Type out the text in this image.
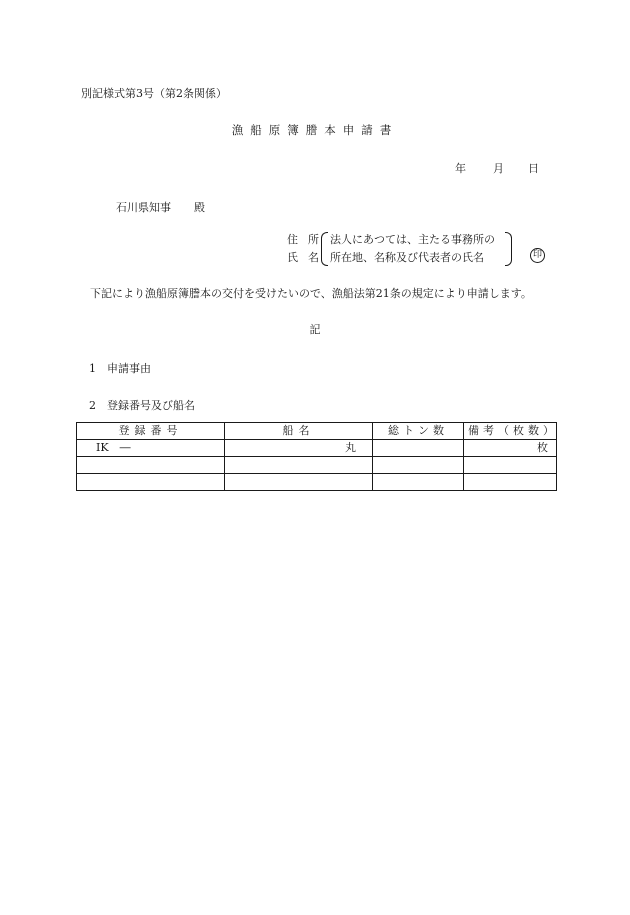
別記様式第3号（第2条関係）
漁船原簿謄本申請書
年 月 日
石川県知事 殿
住所
氏名
法人にあつては、主たる事務所の
所在地、名称及び代表者の氏名	印
下記により漁船原簿謄本の交付を受けたいので、漁船法第21条の規定により申請します。
記
1 申請事由
2 登録番号及び船名
登録番号	船名	総トン数	備考（枚数）
IK　―	丸		枚
